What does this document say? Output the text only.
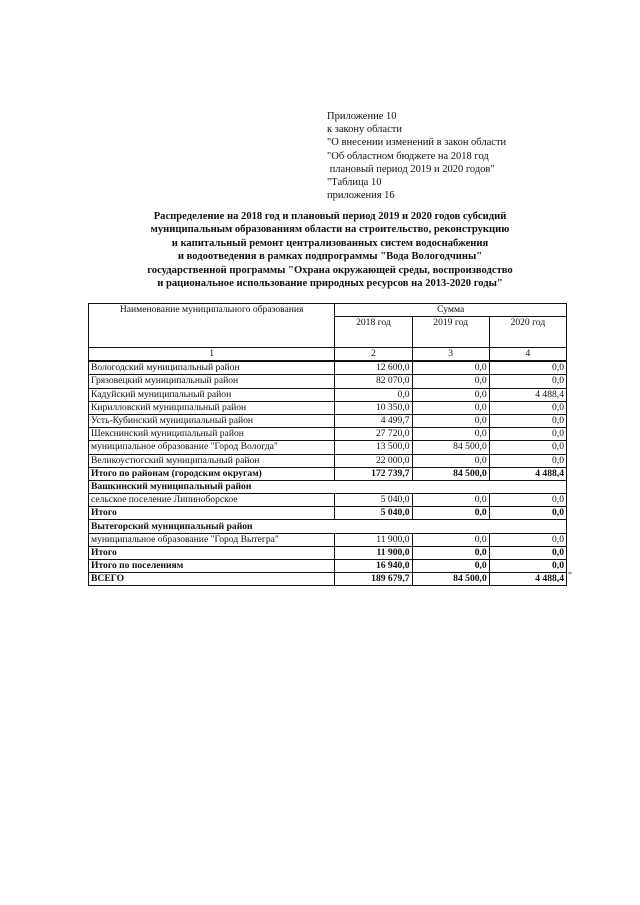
Приложение 10
к закону области
"О внесении изменений в закон области
"Об областном бюджете на 2018 год
плановый период 2019 и 2020 годов"
"Таблица 10
приложения 16
Распределение на 2018 год и плановый период 2019 и 2020 годов субсидий
муниципальным образованиям области на строительство, реконструкцию
и капитальный ремонт централизованных систем водоснабжения
и водоотведения в рамках подпрограммы "Вода Вологодчины"
государственной программы "Охрана окружающей среды, воспроизводство
и рациональное использование природных ресурсов на 2013-2020 годы"
Наименование муниципального образования	Сумма		
	2018 год	2019 год	2020 год
1	2	3	4
Вологодский муниципальный район	12 600,0	0,0	0,0
Грязовецкий муниципальный район	82 070,0	0,0	0,0
Кадуйский муниципальный район	0,0	0,0	4 488,4
Кирилловский муниципальный район	10 350,0	0,0	0,0
Усть-Кубинский муниципальный район	4 499,7	0,0	0,0
Шекснинский муниципальный район	27 720,0	0,0	0,0
муниципальное образование "Город Вологда"	13 500,0	84 500,0	0,0
Великоустюгский муниципальный район	22 000,0	0,0	0,0
Итого по районам (городским округам)	172 739,7	84 500,0	4 488,4
Вашкинский муниципальный район			
сельское поселение Липиноборское	5 040,0	0,0	0,0
Итого	5 040,0	0,0	0,0
Вытегорский муниципальный район			
муниципальное образование "Город Вытегра"	11 900,0	0,0	0,0
Итого	11 900,0	0,0	0,0
Итого по поселениям	16 940,0	0,0	0,0
ВСЕГО	189 679,7	84 500,0	4 488,4 "
